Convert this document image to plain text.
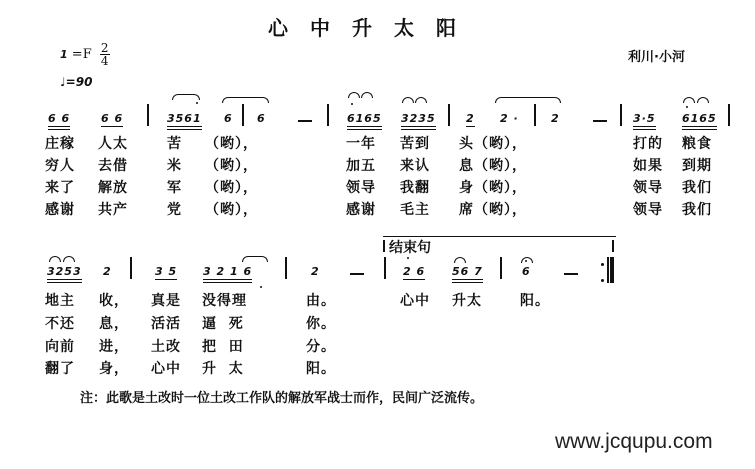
心中升太阳
利川·小河
$1 =F \frac{2}{4}$
♩=90
6 6	6 6	3561 6 6	6165 3235	2 2 ·	2	3·5 6165
庄稼 人太	苦 （哟），	一年 苦到 头（哟），	打的 粮食
穷人 去借	米 （哟），	加五 来认 息（哟），	如果 到期
来了 解放	军 （哟），	领导 我翻 身（哟），	领导 我们
感谢 共产	党 （哟），	感谢 毛主 席（哟），	领导 我们
3253 2	3 5 3 2 1 6	2
结束句
2 6 56 7	6
地主 收， 真是 没得理	由。	心中 升太	阳。
不还 息， 活活 逼  死	你。
向前 进， 土改 把  田	分。
翻了 身， 心中 升  太	阳。
注：此歌是土改时一位土改工作队的解放军战士而作，民间广泛流传。
www.jcqupu.com
